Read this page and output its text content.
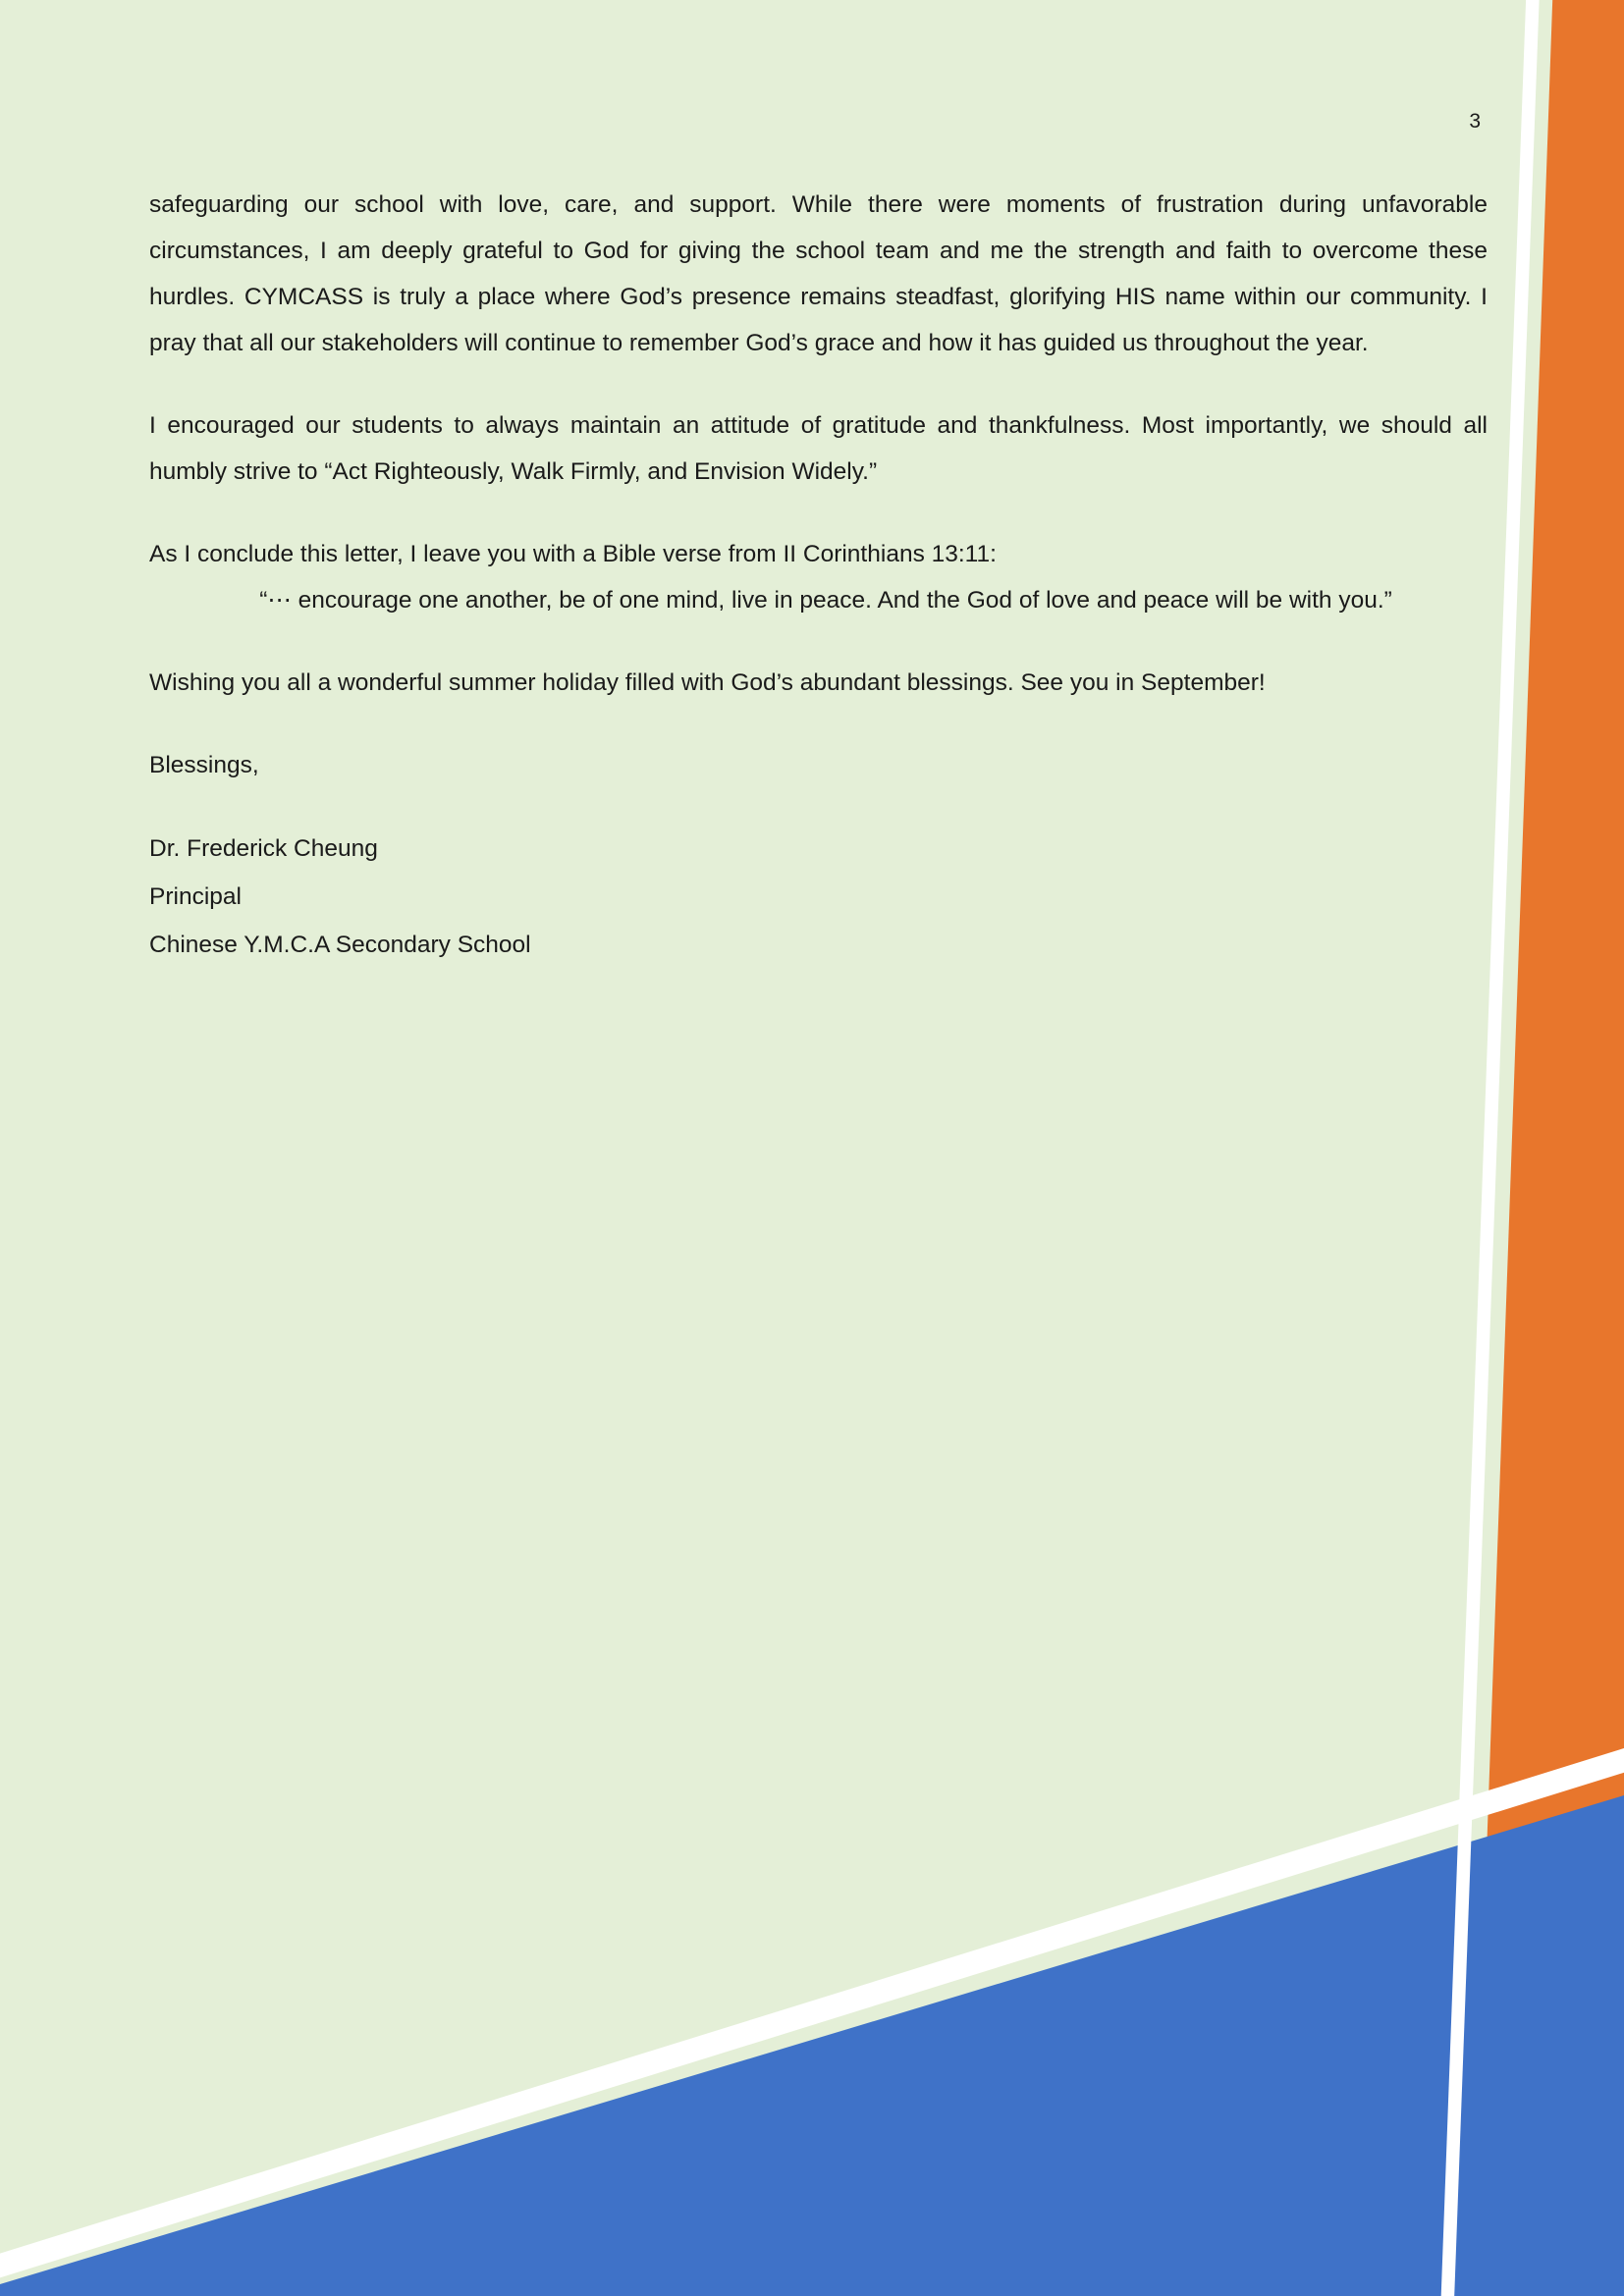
3

safeguarding our school with love, care, and support. While there were moments of frustration during unfavorable circumstances, I am deeply grateful to God for giving the school team and me the strength and faith to overcome these hurdles. CYMCASS is truly a place where God’s presence remains steadfast, glorifying HIS name within our community. I pray that all our stakeholders will continue to remember God’s grace and how it has guided us throughout the year.

I encouraged our students to always maintain an attitude of gratitude and thankfulness. Most importantly, we should all humbly strive to “Act Righteously, Walk Firmly, and Envision Widely.”

As I conclude this letter, I leave you with a Bible verse from II Corinthians 13:11:

“⋯ encourage one another, be of one mind, live in peace. And the God of love and peace will be with you.”

Wishing you all a wonderful summer holiday filled with God’s abundant blessings. See you in September!

Blessings,

Dr. Frederick Cheung
Principal
Chinese Y.M.C.A Secondary School
